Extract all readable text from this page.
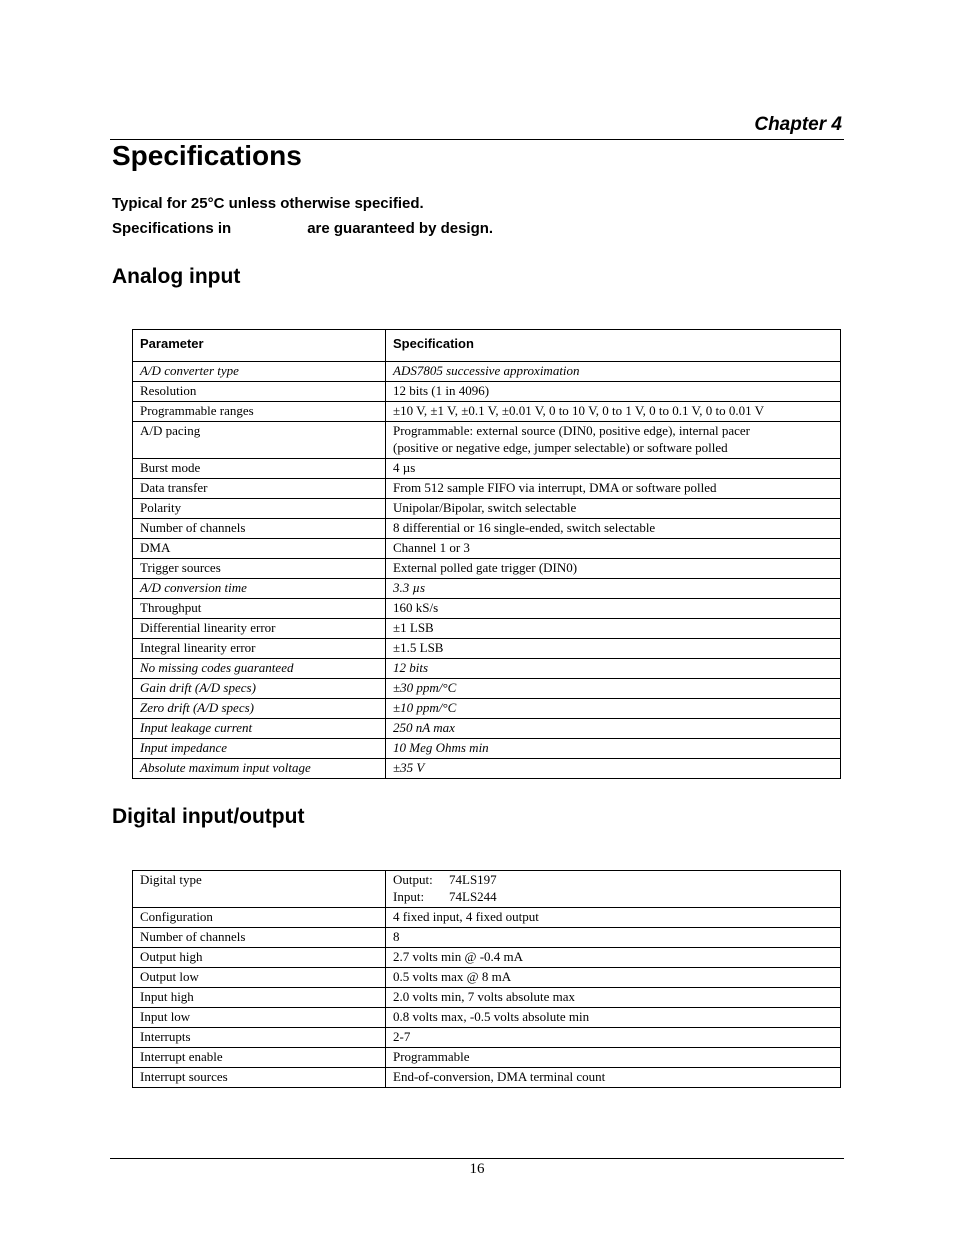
Chapter 4
Specifications
Typical for 25°C unless otherwise specified.
Specifications in	are guaranteed by design.
Analog input
Parameter	Specification
A/D converter type	ADS7805 successive approximation
Resolution	12 bits (1 in 4096)
Programmable ranges	±10 V, ±1 V, ±0.1 V, ±0.01 V, 0 to 10 V, 0 to 1 V, 0 to 0.1 V, 0 to 0.01 V
A/D pacing	Programmable: external source (DIN0, positive edge), internal pacer
(positive or negative edge, jumper selectable) or software polled
Burst mode	4 µs
Data transfer	From 512 sample FIFO via interrupt, DMA or software polled
Polarity	Unipolar/Bipolar, switch selectable
Number of channels	8 differential or 16 single-ended, switch selectable
DMA	Channel 1 or 3
Trigger sources	External polled gate trigger (DIN0)
A/D conversion time	3.3 µs
Throughput	160 kS/s
Differential linearity error	±1 LSB
Integral linearity error	±1.5 LSB
No missing codes guaranteed	12 bits
Gain drift (A/D specs)	±30 ppm/°C
Zero drift (A/D specs)	±10 ppm/°C
Input leakage current	250 nA max
Input impedance	10 Meg Ohms min
Absolute maximum input voltage	±35 V
Digital input/output
Digital type	Output: 74LS197
Input: 74LS244
Configuration	4 fixed input, 4 fixed output
Number of channels	8
Output high	2.7 volts min @ -0.4 mA
Output low	0.5 volts max @ 8 mA
Input high	2.0 volts min, 7 volts absolute max
Input low	0.8 volts max, -0.5 volts absolute min
Interrupts	2-7
Interrupt enable	Programmable
Interrupt sources	End-of-conversion, DMA terminal count
16
